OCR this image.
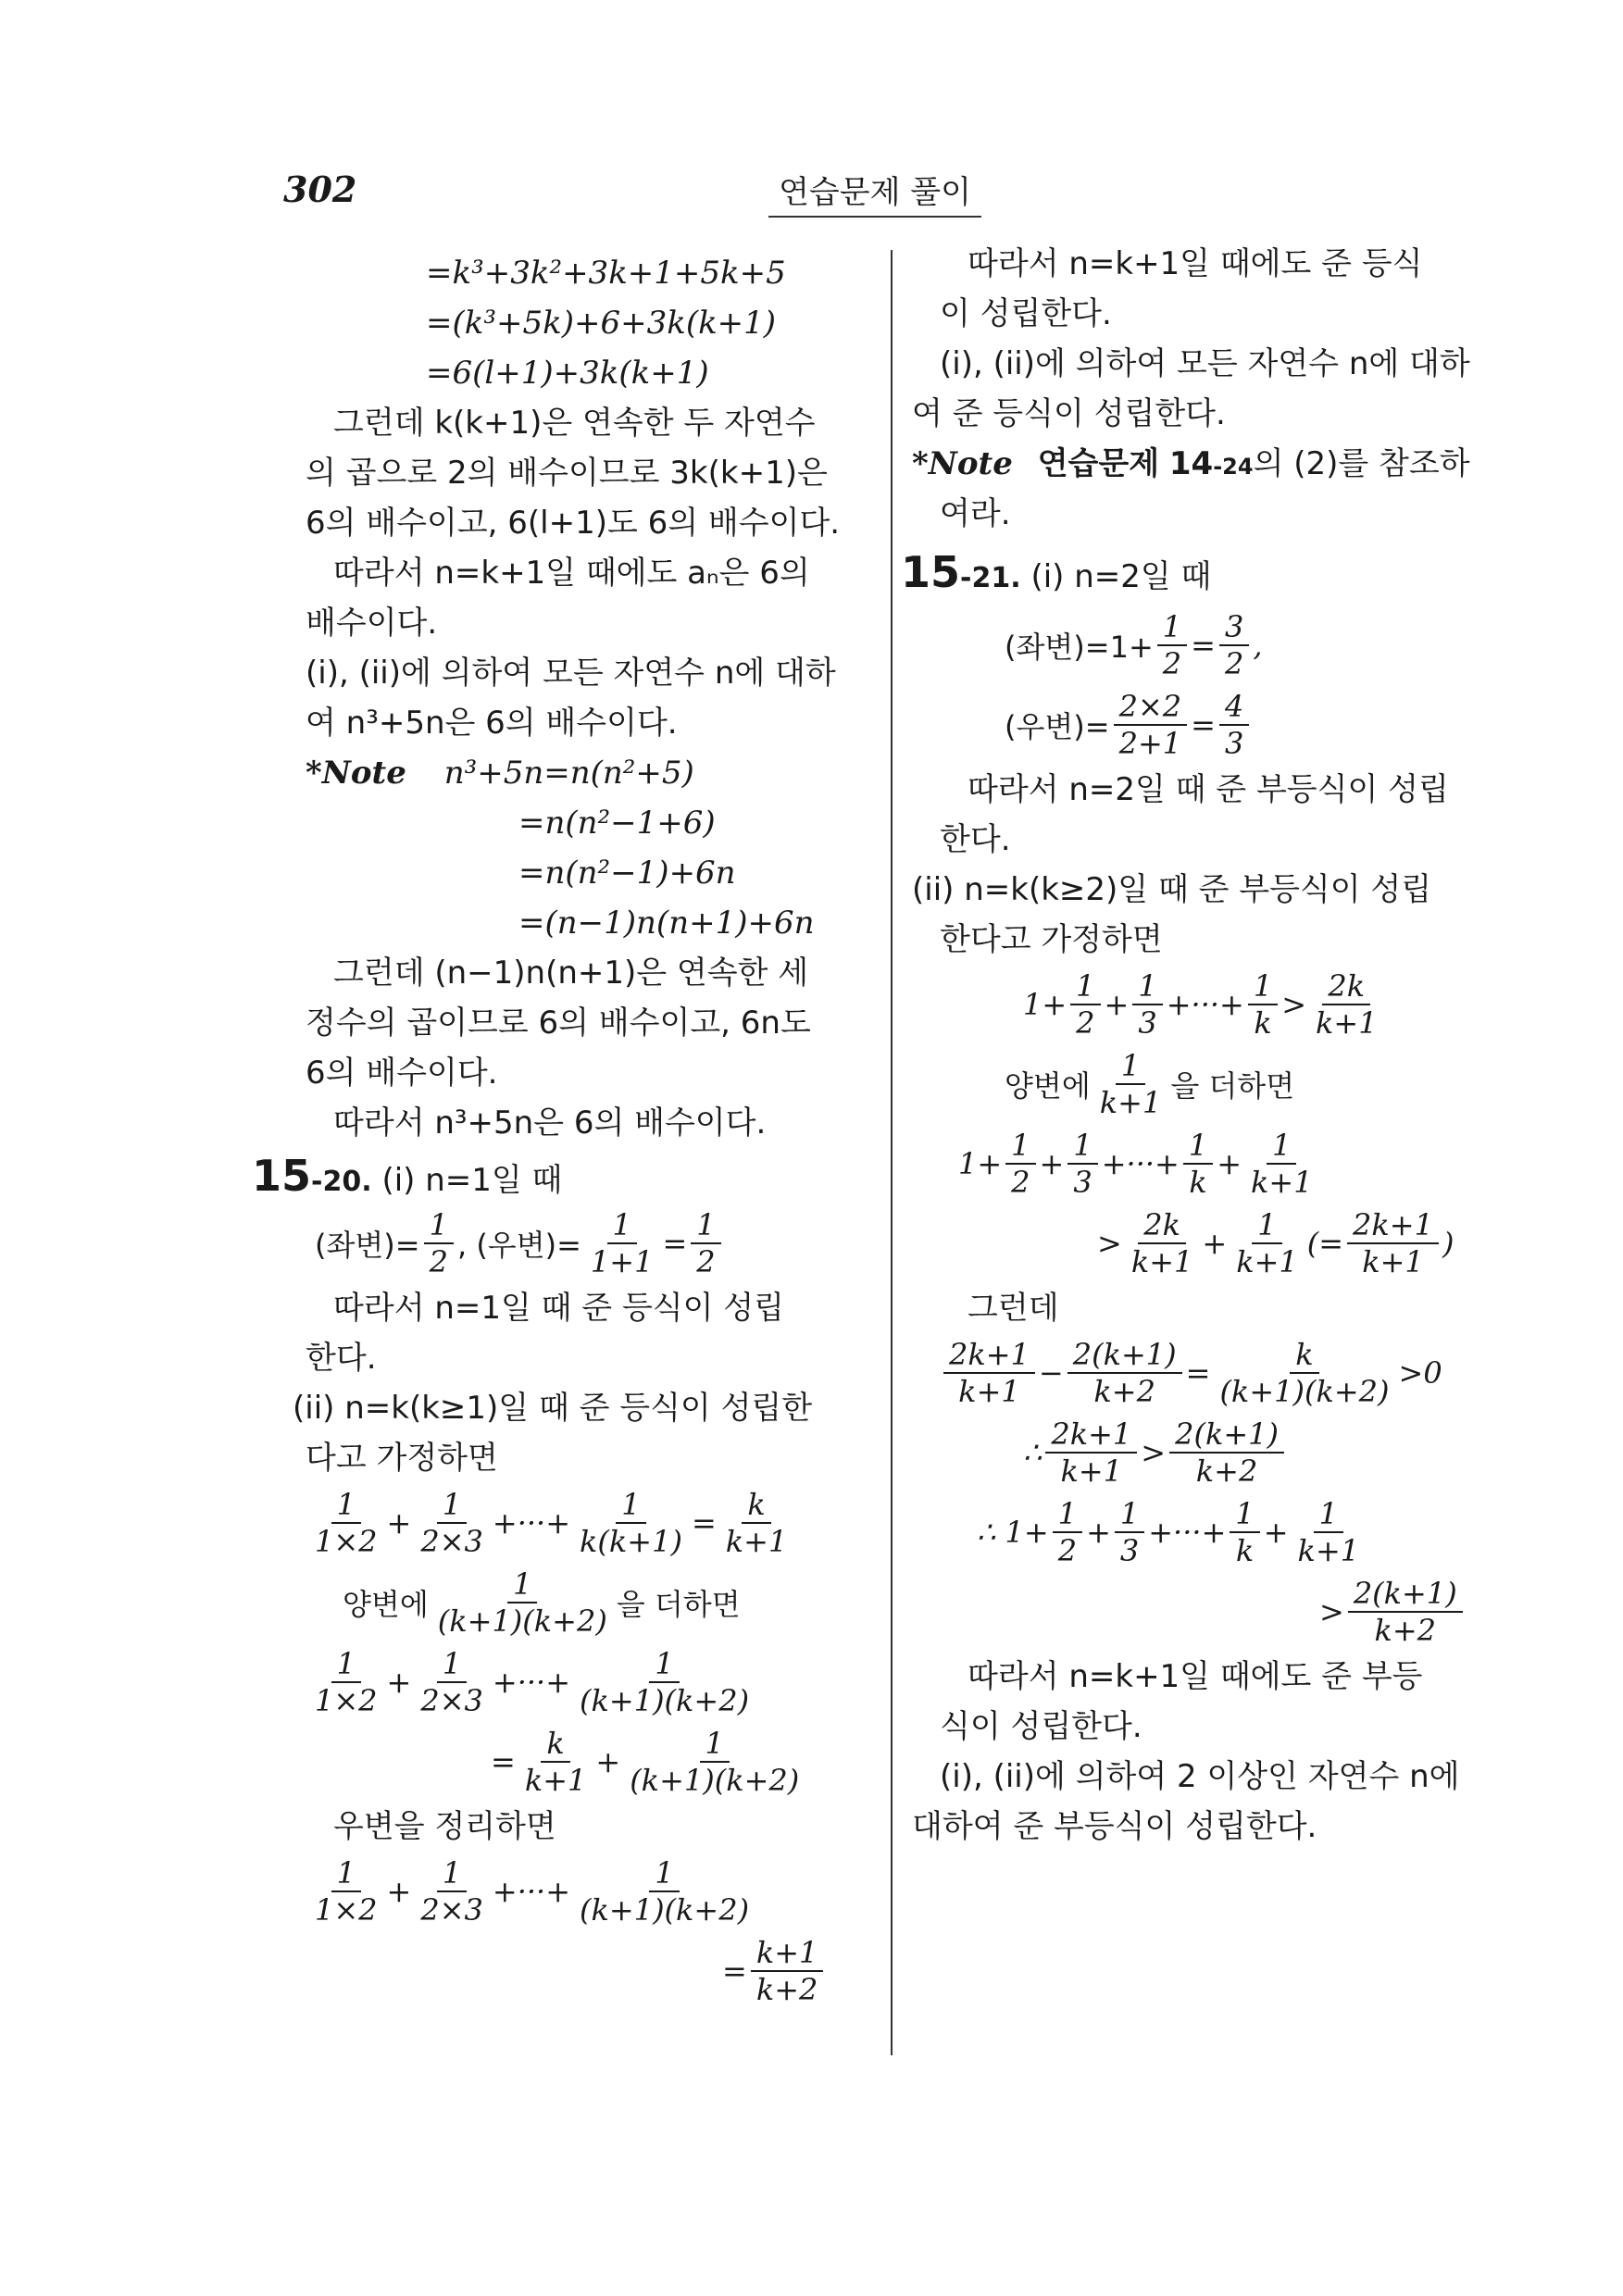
302	연습문제 풀이
=k³+3k²+3k+1+5k+5
=(k³+5k)+6+3k(k+1)
=6(l+1)+3k(k+1)
그런데 k(k+1)은 연속한 두 자연수
의 곱으로 2의 배수이므로 3k(k+1)은
6의 배수이고, 6(l+1)도 6의 배수이다.
따라서 n=k+1일 때에도 aₙ은 6의
배수이다.
(i), (ii)에 의하여 모든 자연수 n에 대하
여 n³+5n은 6의 배수이다.
*Note n³+5n=n(n²+5)
=n(n²−1+6)
=n(n²−1)+6n
=(n−1)n(n+1)+6n
그런데 (n−1)n(n+1)은 연속한 세
정수의 곱이므로 6의 배수이고, 6n도
6의 배수이다.
따라서 n³+5n은 6의 배수이다.
15-20. (i) n=1일 때
(좌변)= $\frac{1}{2}$ , (우변)= $\frac{1}{1+1} = \frac{1}{2}$
따라서 n=1일 때 준 등식이 성립
한다.
(ii) n=k(k≥1)일 때 준 등식이 성립한
다고 가정하면
$\frac{1}{1\times 2} + \frac{1}{2\times 3}$ +···+ $\frac{1}{k(k+1)} = \frac{k}{k+1}$
양변에 $\frac{1}{(k+1)(k+2)}$ 을 더하면
$\frac{1}{1\times 2} + \frac{1}{2\times 3}$ +···+ $\frac{1}{(k+1)(k+2)}$
= $\frac{k}{k+1} + \frac{1}{(k+1)(k+2)}$
우변을 정리하면
$\frac{1}{1\times 2} + \frac{1}{2\times 3}$ +···+ $\frac{1}{(k+1)(k+2)}$
= $\frac{k+1}{k+2}$
따라서 n=k+1일 때에도 준 등식
이 성립한다.
(i), (ii)에 의하여 모든 자연수 n에 대하
여 준 등식이 성립한다.
*Note 연습문제 14-24의 (2)를 참조하
여라.
15-21. (i) n=2일 때
(좌변)$=1+ \frac{1}{2} = \frac{3}{2}$ ,
(우변)= $\frac{2\times 2}{2+1} = \frac{4}{3}$
따라서 n=2일 때 준 부등식이 성립
한다.
(ii) n=k(k≥2)일 때 준 부등식이 성립
한다고 가정하면
$1+ \frac{1}{2} + \frac{1}{3}$ +···+ $\frac{1}{k} > \frac{2k}{k+1}$
양변에 $\frac{1}{k+1}$ 을 더하면
$1+ \frac{1}{2} + \frac{1}{3}$ +···+ $\frac{1}{k} + \frac{1}{k+1}$
> $\frac{2k}{k+1} + \frac{1}{k+1}$ (= $\frac{2k+1}{k+1}$ )
그런데
$\frac{2k+1}{k+1} - \frac{2(k+1)}{k+2} = \frac{k}{(k+1)(k+2)} >0$
∴ $\frac{2k+1}{k+1} > \frac{2(k+1)}{k+2}$
∴ $1+ \frac{1}{2} + \frac{1}{3}$ +···+ $\frac{1}{k} + \frac{1}{k+1}$
> $\frac{2(k+1)}{k+2}$
따라서 n=k+1일 때에도 준 부등
식이 성립한다.
(i), (ii)에 의하여 2 이상인 자연수 n에
대하여 준 부등식이 성립한다.
